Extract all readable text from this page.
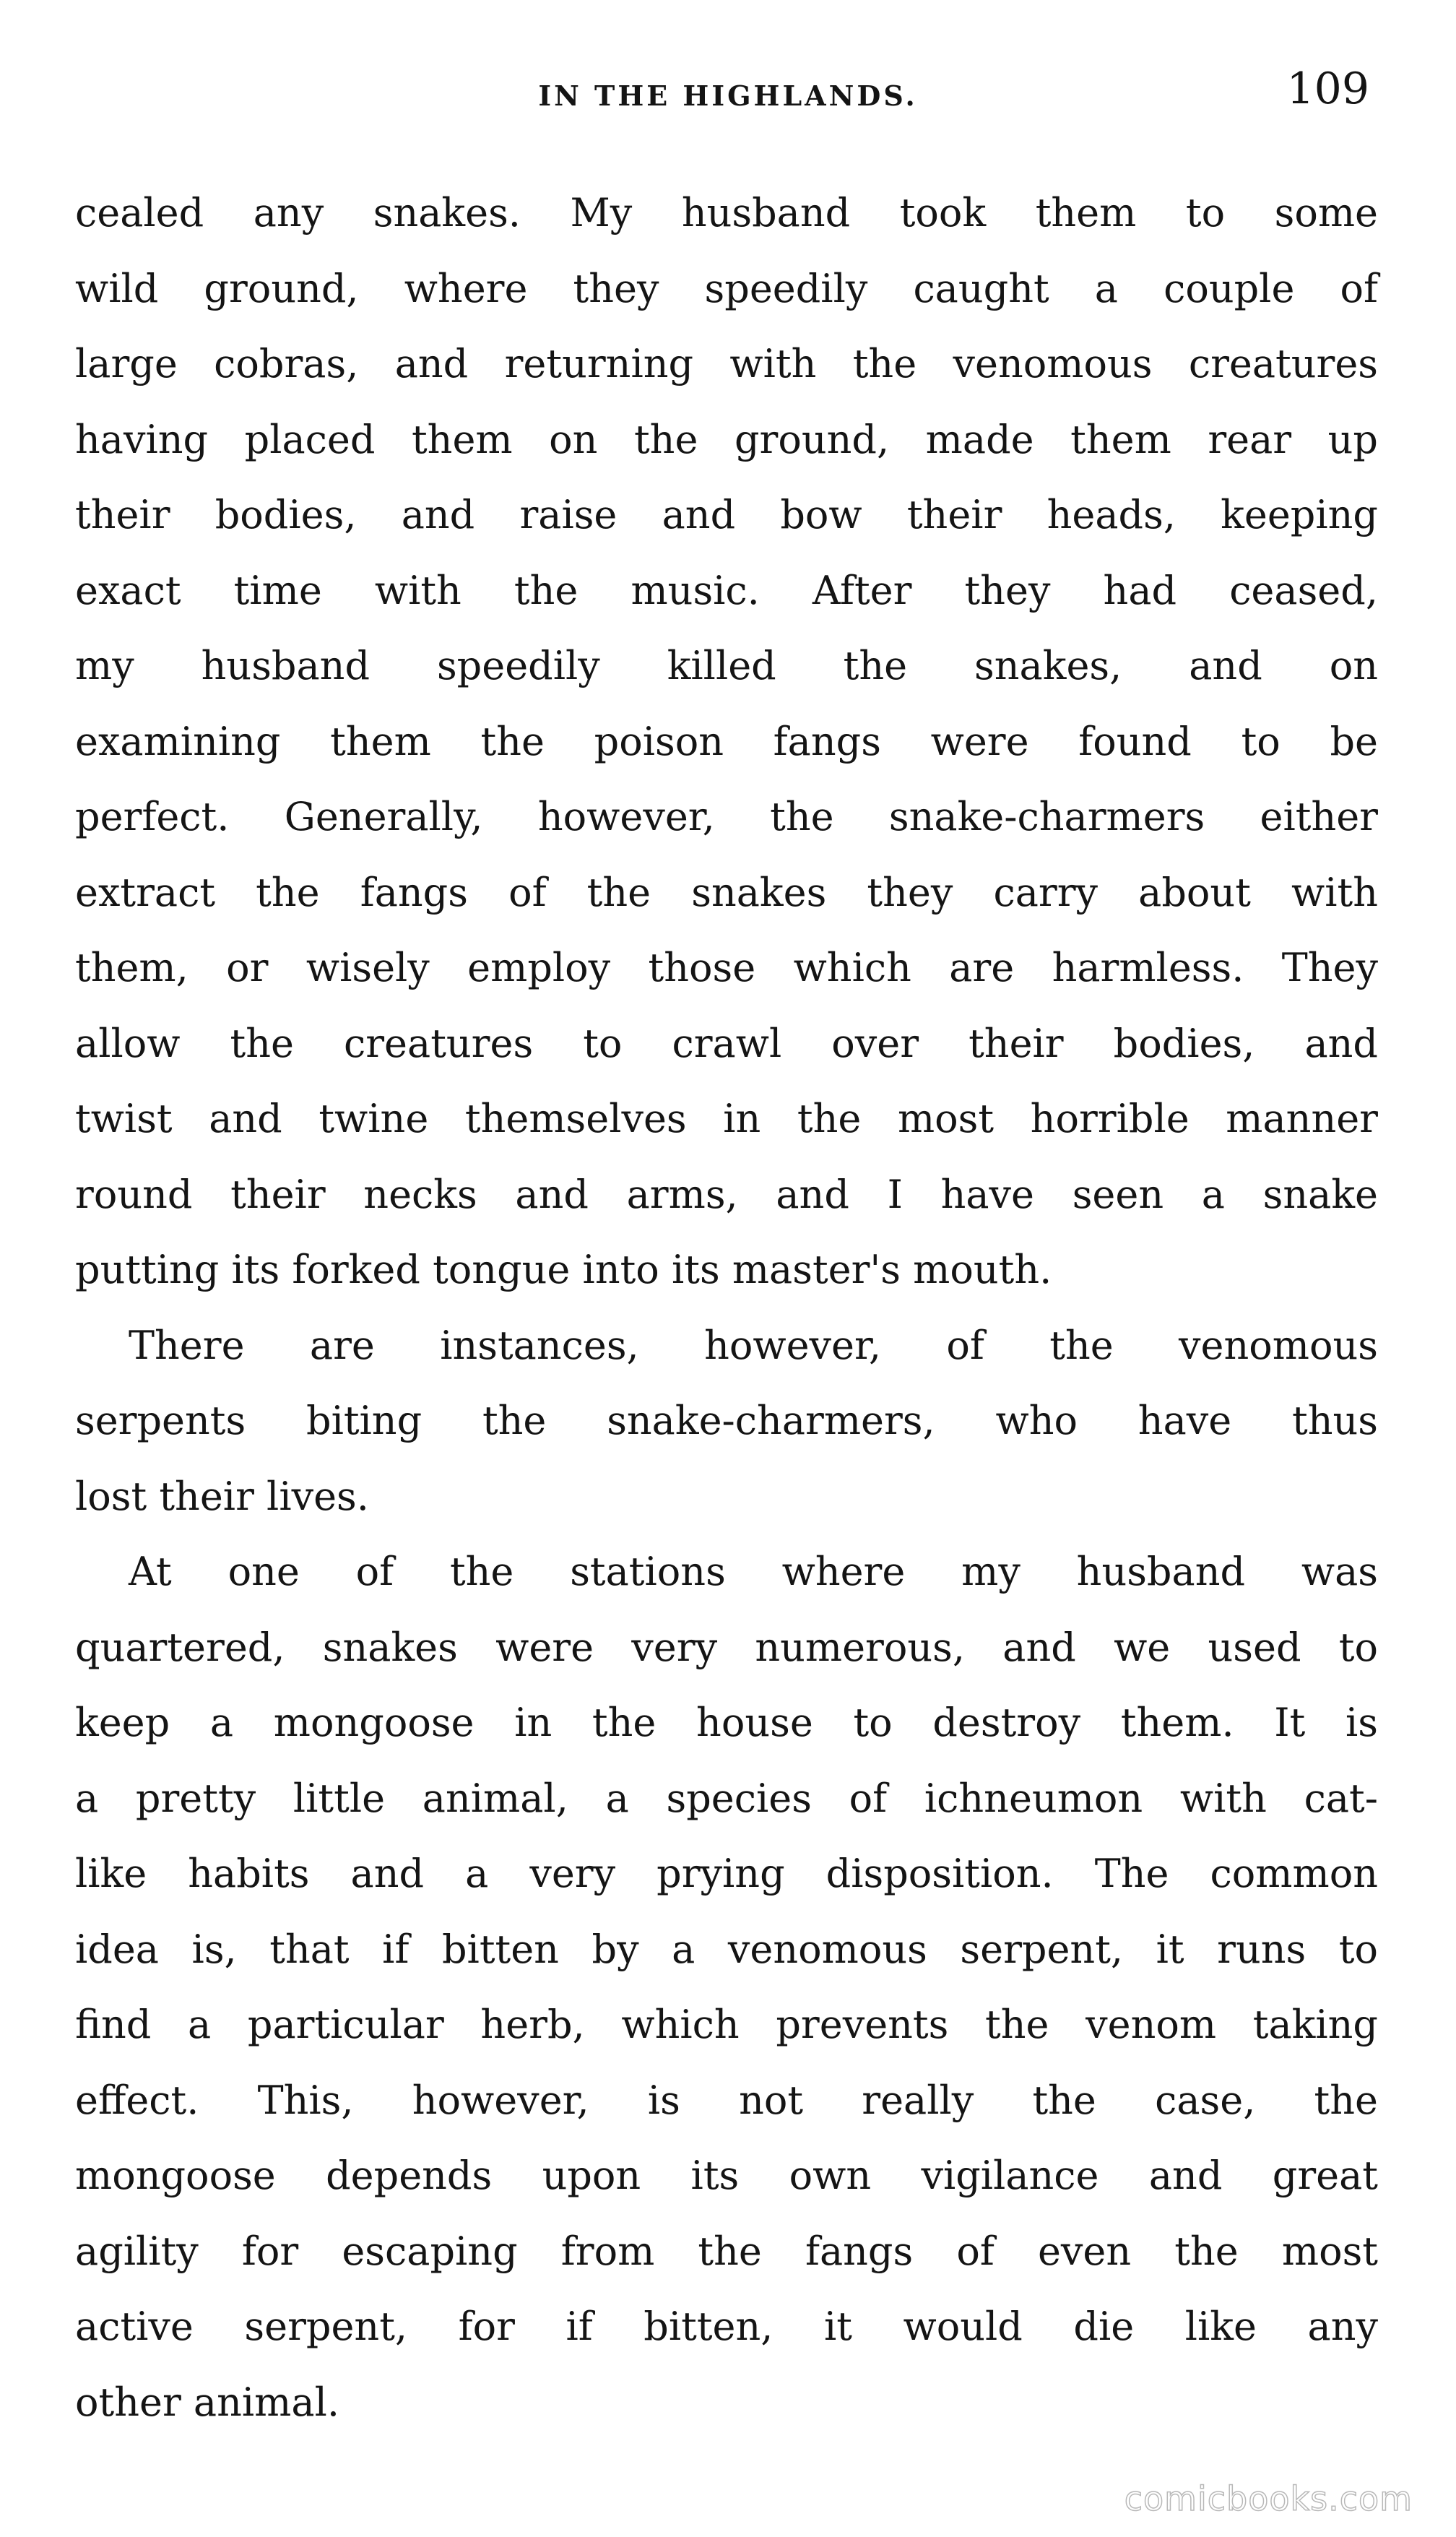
IN THE HIGHLANDS.	109
cealed any snakes. My husband took them to some
wild ground, where they speedily caught a couple of
large cobras, and returning with the venomous creatures
having placed them on the ground, made them rear up
their bodies, and raise and bow their heads, keeping
exact time with the music. After they had ceased,
my husband speedily killed the snakes, and on
examining them the poison fangs were found to be
perfect. Generally, however, the snake-charmers either
extract the fangs of the snakes they carry about with
them, or wisely employ those which are harmless. They
allow the creatures to crawl over their bodies, and
twist and twine themselves in the most horrible manner
round their necks and arms, and I have seen a snake
putting its forked tongue into its master's mouth.
There are instances, however, of the venomous
serpents biting the snake-charmers, who have thus
lost their lives.
At one of the stations where my husband was
quartered, snakes were very numerous, and we used to
keep a mongoose in the house to destroy them. It is
a pretty little animal, a species of ichneumon with cat-
like habits and a very prying disposition. The common
idea is, that if bitten by a venomous serpent, it runs to
find a particular herb, which prevents the venom taking
effect. This, however, is not really the case, the
mongoose depends upon its own vigilance and great
agility for escaping from the fangs of even the most
active serpent, for if bitten, it would die like any
other animal.
comicbooks.com
